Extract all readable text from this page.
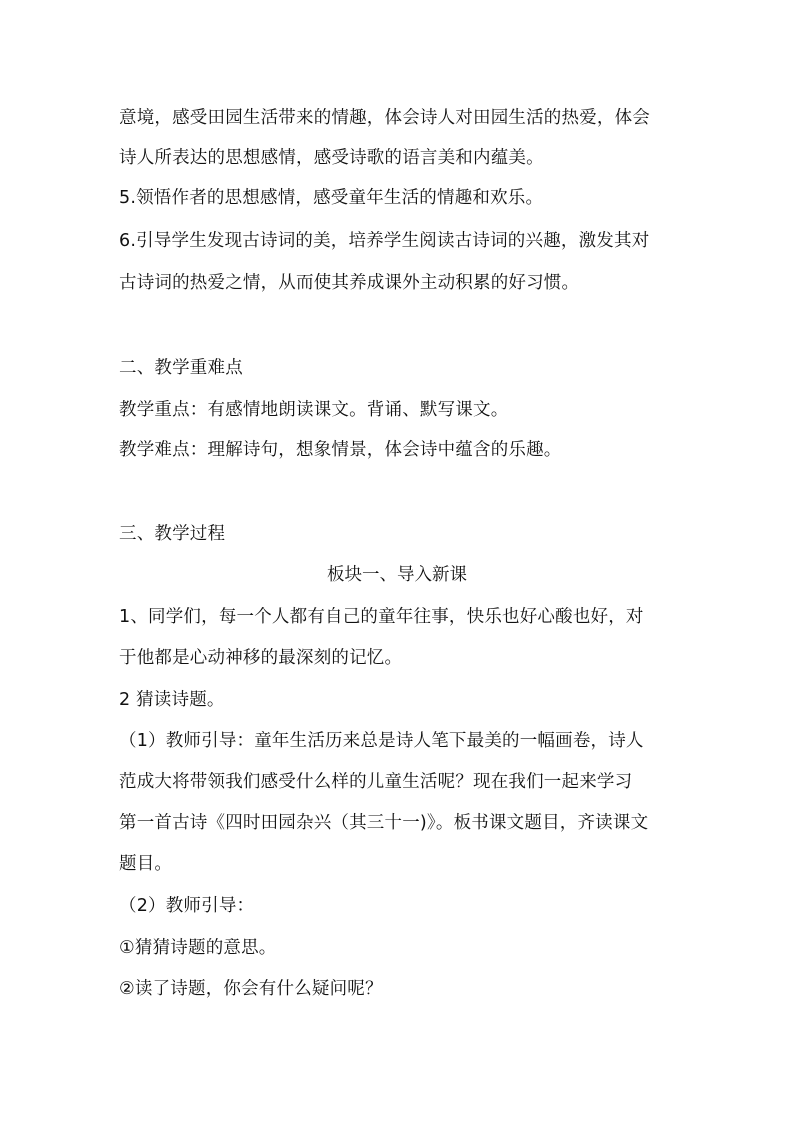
意境，感受田园生活带来的情趣，体会诗人对田园生活的热爱，体会
诗人所表达的思想感情，感受诗歌的语言美和内蕴美。
5.领悟作者的思想感情，感受童年生活的情趣和欢乐。
6.引导学生发现古诗词的美，培养学生阅读古诗词的兴趣，激发其对
古诗词的热爱之情，从而使其养成课外主动积累的好习惯。
二、教学重难点
教学重点：有感情地朗读课文。背诵、默写课文。
教学难点：理解诗句，想象情景，体会诗中蕴含的乐趣。
三、教学过程
板块一、导入新课
1、同学们，每一个人都有自己的童年往事，快乐也好心酸也好，对
于他都是心动神移的最深刻的记忆。
2 猜读诗题。
（1）教师引导：童年生活历来总是诗人笔下最美的一幅画卷，诗人
范成大将带领我们感受什么样的儿童生活呢？现在我们一起来学习
第一首古诗《四时田园杂兴（其三十一)》。板书课文题目，齐读课文
题目。
（2）教师引导：
①猜猜诗题的意思。
②读了诗题，你会有什么疑问呢？
